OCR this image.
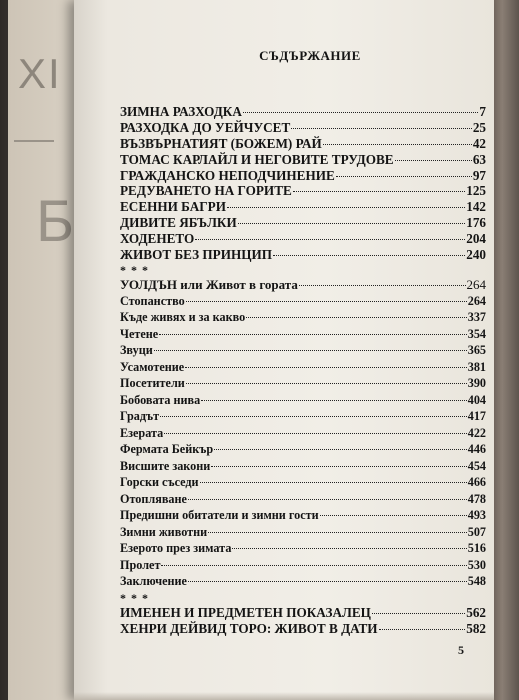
ХI
Б
СЪДЪРЖАНИЕ
ЗИМНА РАЗХОДКА	7
РАЗХОДКА ДО УЕЙЧУСЕТ	25
ВЪЗВЪРНАТИЯТ (БОЖЕМ) РАЙ	42
ТОМАС КАРЛАЙЛ И НЕГОВИТЕ ТРУДОВЕ	63
ГРАЖДАНСКО НЕПОДЧИНЕНИЕ	97
РЕДУВАНЕТО НА ГОРИТЕ	125
ЕСЕННИ БАГРИ	142
ДИВИТЕ ЯБЪЛКИ	176
ХОДЕНЕТО	204
ЖИВОТ БЕЗ ПРИНЦИП	240
* * *
УОЛДЪН или Живот в гората	264
Стопанство	264
Къде живях и за какво	337
Четене	354
Звуци	365
Усамотение	381
Посетители	390
Бобовата нива	404
Градът	417
Езерата	422
Фермата Бейкър	446
Висшите закони	454
Горски съседи	466
Отопляване	478
Предишни обитатели и зимни гости	493
Зимни животни	507
Езерото през зимата	516
Пролет	530
Заключение	548
* * *
ИМЕНЕН И ПРЕДМЕТЕН ПОКАЗАЛЕЦ	562
ХЕНРИ ДЕЙВИД ТОРО: ЖИВОТ В ДАТИ	582
5
